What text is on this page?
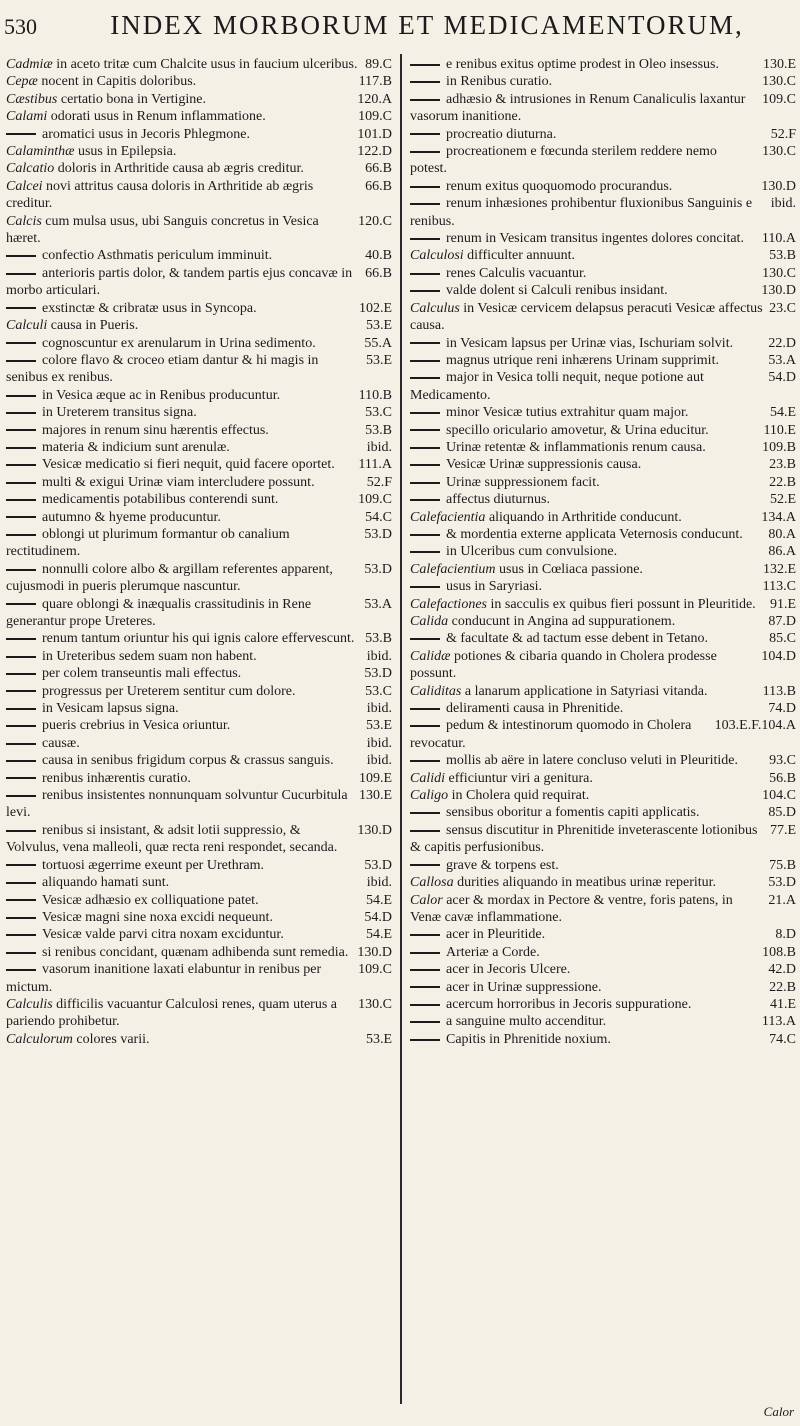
530	INDEX MORBORUM ET MEDICAMENTORUM,
89.C
Cadmiæ in aceto tritæ cum Chalcite usus in faucium ulceribus.
117.B
Cepæ nocent in Capitis doloribus.
120.A
Cæstibus certatio bona in Vertigine.
109.C
Calami odorati usus in Renum inflammatione.
101.D
aromatici usus in Jecoris Phlegmone.
122.D
Calaminthæ usus in Epilepsia.
66.B
Calcatio doloris in Arthritide causa ab ægris creditur.
66.B
Calcei novi attritus causa doloris in Arthritide ab ægris creditur.
120.C
Calcis cum mulsa usus, ubi Sanguis concretus in Vesica hæret.
40.B
confectio Asthmatis periculum imminuit.
66.B
anterioris partis dolor, & tandem partis ejus concavæ in morbo articulari.
102.E
exstinctæ & cribratæ usus in Syncopa.
53.E
Calculi causa in Pueris.
55.A
cognoscuntur ex arenularum in Urina sedimento.
53.E
colore flavo & croceo etiam dantur & hi magis in senibus ex renibus.
110.B
in Vesica æque ac in Renibus producuntur.
53.C
in Ureterem transitus signa.
53.B
majores in renum sinu hærentis effectus.
ibid.
materia & indicium sunt arenulæ.
111.A
Vesicæ medicatio si fieri nequit, quid facere oportet.
52.F
multi & exigui Urinæ viam intercludere possunt.
109.C
medicamentis potabilibus conterendi sunt.
54.C
autumno & hyeme producuntur.
53.D
oblongi ut plurimum formantur ob canalium rectitudinem.
53.D
nonnulli colore albo & argillam referentes apparent, cujusmodi in pueris plerumque nascuntur.
53.A
quare oblongi & inæqualis crassitudinis in Rene generantur prope Ureteres.
53.B
renum tantum oriuntur his qui ignis calore effervescunt.
ibid.
in Ureteribus sedem suam non habent.
53.D
per colem transeuntis mali effectus.
53.C
progressus per Ureterem sentitur cum dolore.
ibid.
in Vesicam lapsus signa.
53.E
pueris crebrius in Vesica oriuntur.
ibid.
causæ.
ibid.
causa in senibus frigidum corpus & crassus sanguis.
109.E
renibus inhærentis curatio.
130.E
renibus insistentes nonnunquam solvuntur Cucurbitula levi.
130.D
renibus si insistant, & adsit lotii suppressio, & Volvulus, vena malleoli, quæ recta reni respondet, secanda.
53.D
tortuosi ægerrime exeunt per Urethram.
ibid.
aliquando hamati sunt.
54.E
Vesicæ adhæsio ex colliquatione patet.
54.D
Vesicæ magni sine noxa excidi nequeunt.
54.E
Vesicæ valde parvi citra noxam exciduntur.
130.D
si renibus concidant, quænam adhibenda sunt remedia.
109.C
vasorum inanitione laxati elabuntur in renibus per mictum.
130.C
Calculis difficilis vacuantur Calculosi renes, quam uterus a pariendo prohibetur.
53.E
Calculorum colores varii.
130.E
e renibus exitus optime prodest in Oleo insessus.
130.C
in Renibus curatio.
109.C
adhæsio & intrusiones in Renum Canaliculis laxantur vasorum inanitione.
52.F
procreatio diuturna.
130.C
procreationem e fœcunda sterilem reddere nemo potest.
130.D
renum exitus quoquomodo procurandus.
ibid.
renum inhæsiones prohibentur fluxionibus Sanguinis e renibus.
110.A
renum in Vesicam transitus ingentes dolores concitat.
53.B
Calculosi difficulter annuunt.
130.C
renes Calculis vacuantur.
130.D
valde dolent si Calculi renibus insidant.
23.C
Calculus in Vesicæ cervicem delapsus peracuti Vesicæ affectus causa.
22.D
in Vesicam lapsus per Urinæ vias, Ischuriam solvit.
53.A
magnus utrique reni inhærens Urinam supprimit.
54.D
major in Vesica tolli nequit, neque potione aut Medicamento.
54.E
minor Vesicæ tutius extrahitur quam major.
110.E
specillo oriculario amovetur, & Urina educitur.
109.B
Urinæ retentæ & inflammationis renum causa.
23.B
Vesicæ Urinæ suppressionis causa.
22.B
Urinæ suppressionem facit.
52.E
affectus diuturnus.
134.A
Calefacientia aliquando in Arthritide conducunt.
80.A
& mordentia externe applicata Veternosis conducunt.
86.A
in Ulceribus cum convulsione.
132.E
Calefacientium usus in Cœliaca passione.
113.C
usus in Saryriasi.
91.E
Calefactiones in sacculis ex quibus fieri possunt in Pleuritide.
87.D
Calida conducunt in Angina ad suppurationem.
85.C
& facultate & ad tactum esse debent in Tetano.
104.D
Calidæ potiones & cibaria quando in Cholera prodesse possunt.
113.B
Caliditas a lanarum applicatione in Satyriasi vitanda.
74.D
deliramenti causa in Phrenitide.
103.E.F.104.A
pedum & intestinorum quomodo in Cholera revocatur.
93.C
mollis ab aëre in latere concluso veluti in Pleuritide.
56.B
Calidi efficiuntur viri a genitura.
104.C
Caligo in Cholera quid requirat.
85.D
sensibus oboritur a fomentis capiti applicatis.
77.E
sensus discutitur in Phrenitide inveterascente lotionibus & capitis perfusionibus.
75.B
grave & torpens est.
53.D
Callosa durities aliquando in meatibus urinæ reperitur.
21.A
Calor acer & mordax in Pectore & ventre, foris patens, in Venæ cavæ inflammatione.
8.D
acer in Pleuritide.
108.B
Arteriæ a Corde.
42.D
acer in Jecoris Ulcere.
22.B
acer in Urinæ suppressione.
41.E
acercum horroribus in Jecoris suppuratione.
113.A
a sanguine multo accenditur.
74.C
Capitis in Phrenitide noxium.
Calor
